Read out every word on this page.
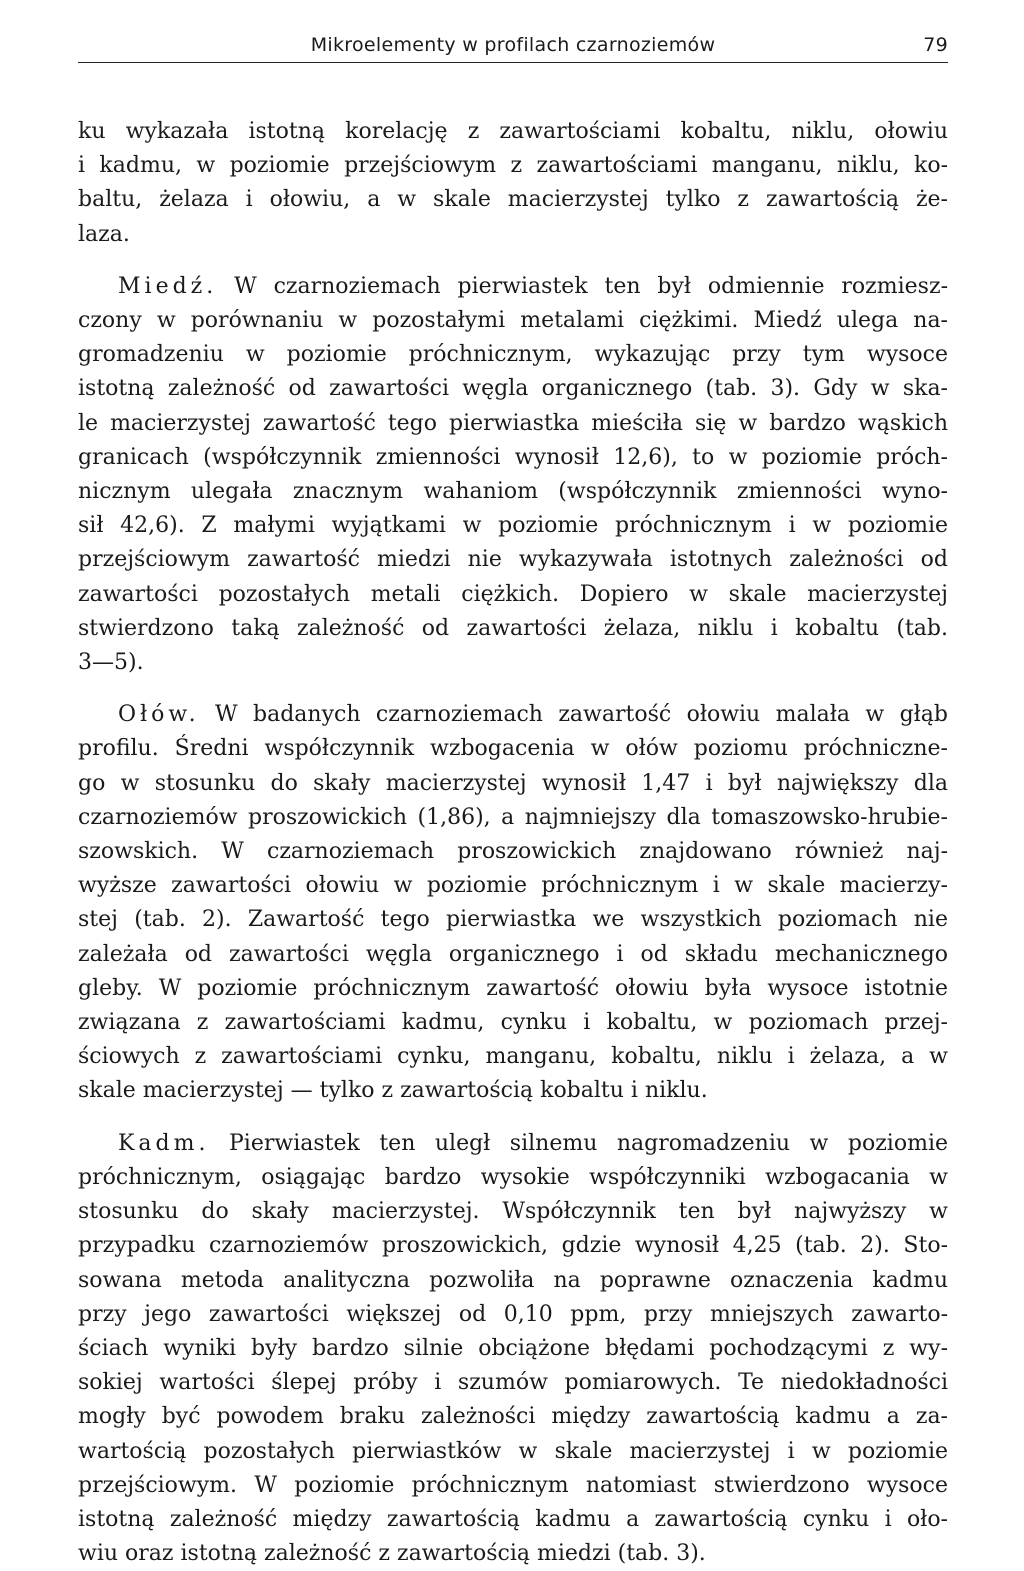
Mikroelementy w profilach czarnoziemów	79
ku wykazała istotną korelację z zawartościami kobaltu, niklu, ołowiu
i kadmu, w poziomie przejściowym z zawartościami manganu, niklu, ko-
baltu, żelaza i ołowiu, a w skale macierzystej tylko z zawartością że-
laza.
Miedź. W czarnoziemach pierwiastek ten był odmiennie rozmiesz-
czony w porównaniu w pozostałymi metalami ciężkimi. Miedź ulega na-
gromadzeniu w poziomie próchnicznym, wykazując przy tym wysoce
istotną zależność od zawartości węgla organicznego (tab. 3). Gdy w ska-
le macierzystej zawartość tego pierwiastka mieściła się w bardzo wąskich
granicach (współczynnik zmienności wynosił 12,6), to w poziomie próch-
nicznym ulegała znacznym wahaniom (współczynnik zmienności wyno-
sił 42,6). Z małymi wyjątkami w poziomie próchnicznym i w poziomie
przejściowym zawartość miedzi nie wykazywała istotnych zależności od
zawartości pozostałych metali ciężkich. Dopiero w skale macierzystej
stwierdzono taką zależność od zawartości żelaza, niklu i kobaltu (tab.
3—5).
Ołów. W badanych czarnoziemach zawartość ołowiu malała w głąb
profilu. Średni współczynnik wzbogacenia w ołów poziomu próchniczne-
go w stosunku do skały macierzystej wynosił 1,47 i był największy dla
czarnoziemów proszowickich (1,86), a najmniejszy dla tomaszowsko-hrubie-
szowskich. W czarnoziemach proszowickich znajdowano również naj-
wyższe zawartości ołowiu w poziomie próchnicznym i w skale macierzy-
stej (tab. 2). Zawartość tego pierwiastka we wszystkich poziomach nie
zależała od zawartości węgla organicznego i od składu mechanicznego
gleby. W poziomie próchnicznym zawartość ołowiu była wysoce istotnie
związana z zawartościami kadmu, cynku i kobaltu, w poziomach przej-
ściowych z zawartościami cynku, manganu, kobaltu, niklu i żelaza, a w
skale macierzystej — tylko z zawartością kobaltu i niklu.
Kadm. Pierwiastek ten uległ silnemu nagromadzeniu w poziomie
próchnicznym, osiągając bardzo wysokie współczynniki wzbogacania w
stosunku do skały macierzystej. Współczynnik ten był najwyższy w
przypadku czarnoziemów proszowickich, gdzie wynosił 4,25 (tab. 2). Sto-
sowana metoda analityczna pozwoliła na poprawne oznaczenia kadmu
przy jego zawartości większej od 0,10 ppm, przy mniejszych zawarto-
ściach wyniki były bardzo silnie obciążone błędami pochodzącymi z wy-
sokiej wartości ślepej próby i szumów pomiarowych. Te niedokładności
mogły być powodem braku zależności między zawartością kadmu a za-
wartością pozostałych pierwiastków w skale macierzystej i w poziomie
przejściowym. W poziomie próchnicznym natomiast stwierdzono wysoce
istotną zależność między zawartością kadmu a zawartością cynku i oło-
wiu oraz istotną zależność z zawartością miedzi (tab. 3).
